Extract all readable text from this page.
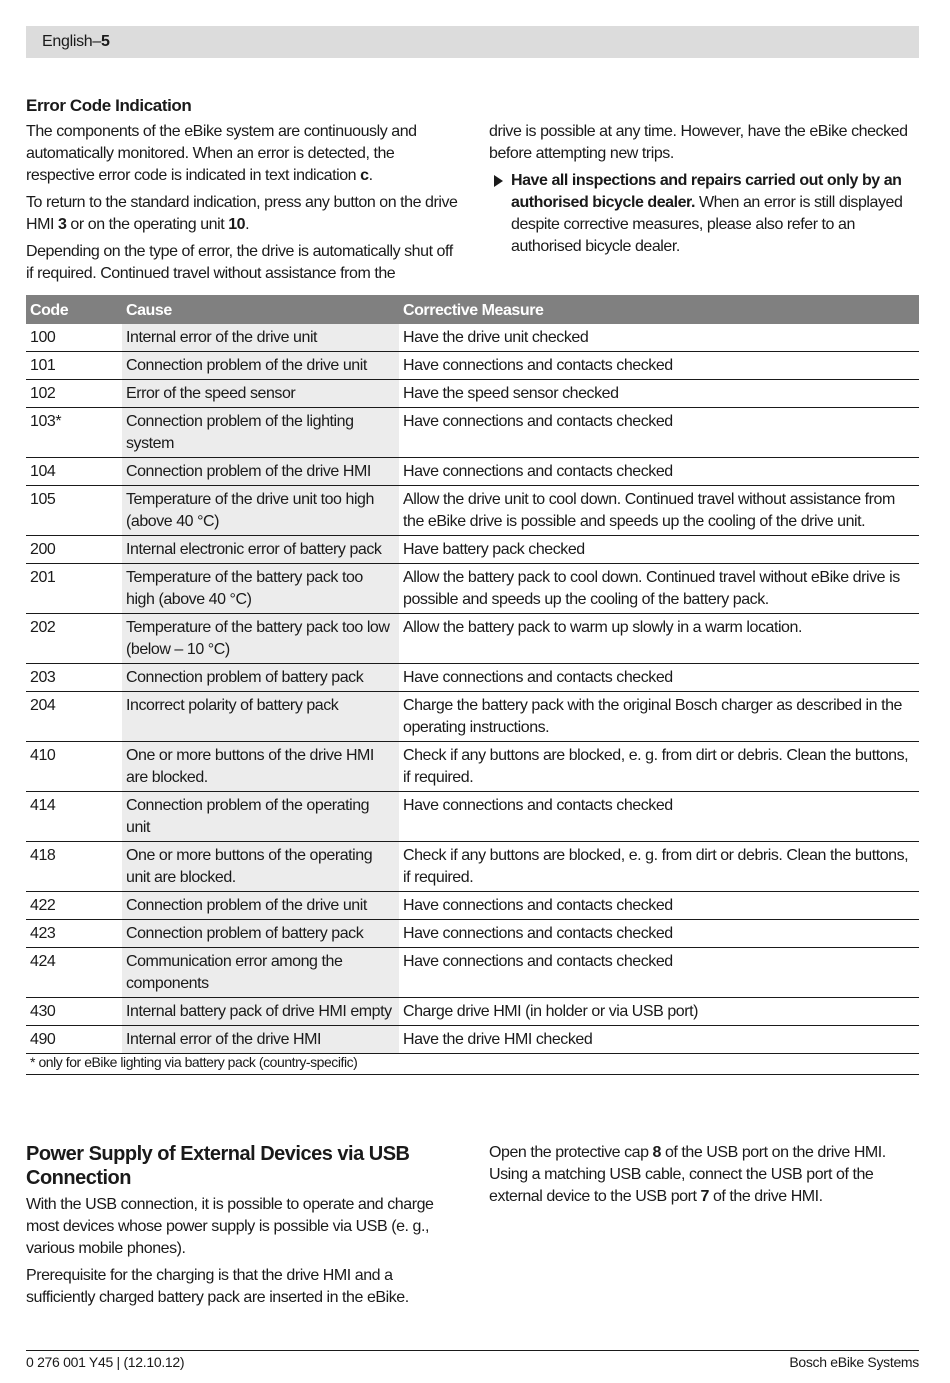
English–5
Error Code Indication

The components of the eBike system are continuously and automatically monitored. When an error is detected, the respective error code is indicated in text indication c.

To return to the standard indication, press any button on the drive HMI 3 or on the operating unit 10.

Depending on the type of error, the drive is automatically shut off if required. Continued travel without assistance from the

drive is possible at any time. However, have the eBike checked before attempting new trips.

Have all inspections and repairs carried out only by an authorised bicycle dealer. When an error is still displayed despite corrective measures, please also refer to an authorised bicycle dealer.

Code	Cause	Corrective Measure
100	Internal error of the drive unit	Have the drive unit checked
101	Connection problem of the drive unit	Have connections and contacts checked
102	Error of the speed sensor	Have the speed sensor checked
103*	Connection problem of the lighting system	Have connections and contacts checked
104	Connection problem of the drive HMI	Have connections and contacts checked
105	Temperature of the drive unit too high (above 40 °C)	Allow the drive unit to cool down. Continued travel without assistance from the eBike drive is possible and speeds up the cooling of the drive unit.
200	Internal electronic error of battery pack	Have battery pack checked
201	Temperature of the battery pack too high (above 40 °C)	Allow the battery pack to cool down. Continued travel without eBike drive is possible and speeds up the cooling of the battery pack.
202	Temperature of the battery pack too low (below – 10 °C)	Allow the battery pack to warm up slowly in a warm location.
203	Connection problem of battery pack	Have connections and contacts checked
204	Incorrect polarity of battery pack	Charge the battery pack with the original Bosch charger as described in the operating instructions.
410	One or more buttons of the drive HMI are blocked.	Check if any buttons are blocked, e. g. from dirt or debris. Clean the buttons, if required.
414	Connection problem of the operating unit	Have connections and contacts checked
418	One or more buttons of the operating unit are blocked.	Check if any buttons are blocked, e. g. from dirt or debris. Clean the buttons, if required.
422	Connection problem of the drive unit	Have connections and contacts checked
423	Connection problem of battery pack	Have connections and contacts checked
424	Communication error among the components	Have connections and contacts checked
430	Internal battery pack of drive HMI empty	Charge drive HMI (in holder or via USB port)
490	Internal error of the drive HMI	Have the drive HMI checked
* only for eBike lighting via battery pack (country-specific)		
Power Supply of External Devices via USB Connection

With the USB connection, it is possible to operate and charge most devices whose power supply is possible via USB (e. g., various mobile phones).

Prerequisite for the charging is that the drive HMI and a sufficiently charged battery pack are inserted in the eBike.

Open the protective cap 8 of the USB port on the drive HMI. Using a matching USB cable, connect the USB port of the external device to the USB port 7 of the drive HMI.

0 276 001 Y45 | (12.10.12)	Bosch eBike Systems
